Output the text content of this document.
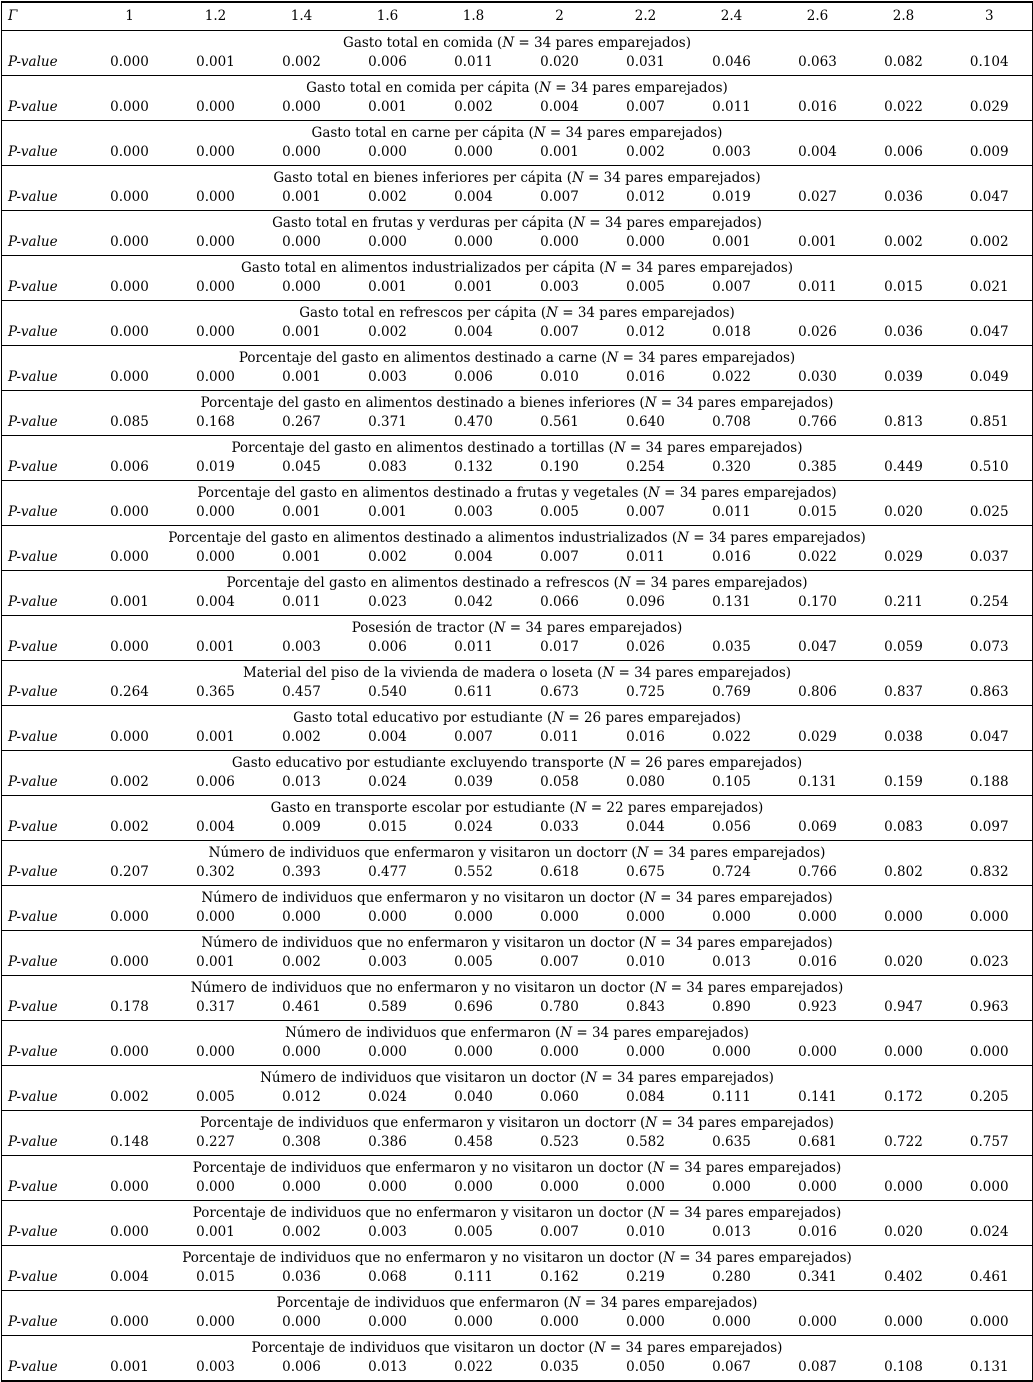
Γ	1	1.2	1.4	1.6	1.8	2	2.2	2.4	2.6	2.8	3
Gasto total en comida (N = 34 pares emparejados)											
P-value	0.000	0.001	0.002	0.006	0.011	0.020	0.031	0.046	0.063	0.082	0.104
Gasto total en comida per cápita (N = 34 pares emparejados)											
P-value	0.000	0.000	0.000	0.001	0.002	0.004	0.007	0.011	0.016	0.022	0.029
Gasto total en carne per cápita (N = 34 pares emparejados)											
P-value	0.000	0.000	0.000	0.000	0.000	0.001	0.002	0.003	0.004	0.006	0.009
Gasto total en bienes inferiores per cápita (N = 34 pares emparejados)											
P-value	0.000	0.000	0.001	0.002	0.004	0.007	0.012	0.019	0.027	0.036	0.047
Gasto total en frutas y verduras per cápita (N = 34 pares emparejados)											
P-value	0.000	0.000	0.000	0.000	0.000	0.000	0.000	0.001	0.001	0.002	0.002
Gasto total en alimentos industrializados per cápita (N = 34 pares emparejados)											
P-value	0.000	0.000	0.000	0.001	0.001	0.003	0.005	0.007	0.011	0.015	0.021
Gasto total en refrescos per cápita (N = 34 pares emparejados)											
P-value	0.000	0.000	0.001	0.002	0.004	0.007	0.012	0.018	0.026	0.036	0.047
Porcentaje del gasto en alimentos destinado a carne (N = 34 pares emparejados)											
P-value	0.000	0.000	0.001	0.003	0.006	0.010	0.016	0.022	0.030	0.039	0.049
Porcentaje del gasto en alimentos destinado a bienes inferiores (N = 34 pares emparejados)											
P-value	0.085	0.168	0.267	0.371	0.470	0.561	0.640	0.708	0.766	0.813	0.851
Porcentaje del gasto en alimentos destinado a tortillas (N = 34 pares emparejados)											
P-value	0.006	0.019	0.045	0.083	0.132	0.190	0.254	0.320	0.385	0.449	0.510
Porcentaje del gasto en alimentos destinado a frutas y vegetales (N = 34 pares emparejados)											
P-value	0.000	0.000	0.001	0.001	0.003	0.005	0.007	0.011	0.015	0.020	0.025
Porcentaje del gasto en alimentos destinado a alimentos industrializados (N = 34 pares emparejados)											
P-value	0.000	0.000	0.001	0.002	0.004	0.007	0.011	0.016	0.022	0.029	0.037
Porcentaje del gasto en alimentos destinado a refrescos (N = 34 pares emparejados)											
P-value	0.001	0.004	0.011	0.023	0.042	0.066	0.096	0.131	0.170	0.211	0.254
Posesión de tractor (N = 34 pares emparejados)											
P-value	0.000	0.001	0.003	0.006	0.011	0.017	0.026	0.035	0.047	0.059	0.073
Material del piso de la vivienda de madera o loseta (N = 34 pares emparejados)											
P-value	0.264	0.365	0.457	0.540	0.611	0.673	0.725	0.769	0.806	0.837	0.863
Gasto total educativo por estudiante (N = 26 pares emparejados)											
P-value	0.000	0.001	0.002	0.004	0.007	0.011	0.016	0.022	0.029	0.038	0.047
Gasto educativo por estudiante excluyendo transporte (N = 26 pares emparejados)											
P-value	0.002	0.006	0.013	0.024	0.039	0.058	0.080	0.105	0.131	0.159	0.188
Gasto en transporte escolar por estudiante (N = 22 pares emparejados)											
P-value	0.002	0.004	0.009	0.015	0.024	0.033	0.044	0.056	0.069	0.083	0.097
Número de individuos que enfermaron y visitaron un doctorr (N = 34 pares emparejados)											
P-value	0.207	0.302	0.393	0.477	0.552	0.618	0.675	0.724	0.766	0.802	0.832
Número de individuos que enfermaron y no visitaron un doctor (N = 34 pares emparejados)											
P-value	0.000	0.000	0.000	0.000	0.000	0.000	0.000	0.000	0.000	0.000	0.000
Número de individuos que no enfermaron y visitaron un doctor (N = 34 pares emparejados)											
P-value	0.000	0.001	0.002	0.003	0.005	0.007	0.010	0.013	0.016	0.020	0.023
Número de individuos que no enfermaron y no visitaron un doctor (N = 34 pares emparejados)											
P-value	0.178	0.317	0.461	0.589	0.696	0.780	0.843	0.890	0.923	0.947	0.963
Número de individuos que enfermaron (N = 34 pares emparejados)											
P-value	0.000	0.000	0.000	0.000	0.000	0.000	0.000	0.000	0.000	0.000	0.000
Número de individuos que visitaron un doctor (N = 34 pares emparejados)											
P-value	0.002	0.005	0.012	0.024	0.040	0.060	0.084	0.111	0.141	0.172	0.205
Porcentaje de individuos que enfermaron y visitaron un doctorr (N = 34 pares emparejados)											
P-value	0.148	0.227	0.308	0.386	0.458	0.523	0.582	0.635	0.681	0.722	0.757
Porcentaje de individuos que enfermaron y no visitaron un doctor (N = 34 pares emparejados)											
P-value	0.000	0.000	0.000	0.000	0.000	0.000	0.000	0.000	0.000	0.000	0.000
Porcentaje de individuos que no enfermaron y visitaron un doctor (N = 34 pares emparejados)											
P-value	0.000	0.001	0.002	0.003	0.005	0.007	0.010	0.013	0.016	0.020	0.024
Porcentaje de individuos que no enfermaron y no visitaron un doctor (N = 34 pares emparejados)											
P-value	0.004	0.015	0.036	0.068	0.111	0.162	0.219	0.280	0.341	0.402	0.461
Porcentaje de individuos que enfermaron (N = 34 pares emparejados)											
P-value	0.000	0.000	0.000	0.000	0.000	0.000	0.000	0.000	0.000	0.000	0.000
Porcentaje de individuos que visitaron un doctor (N = 34 pares emparejados)											
P-value	0.001	0.003	0.006	0.013	0.022	0.035	0.050	0.067	0.087	0.108	0.131
